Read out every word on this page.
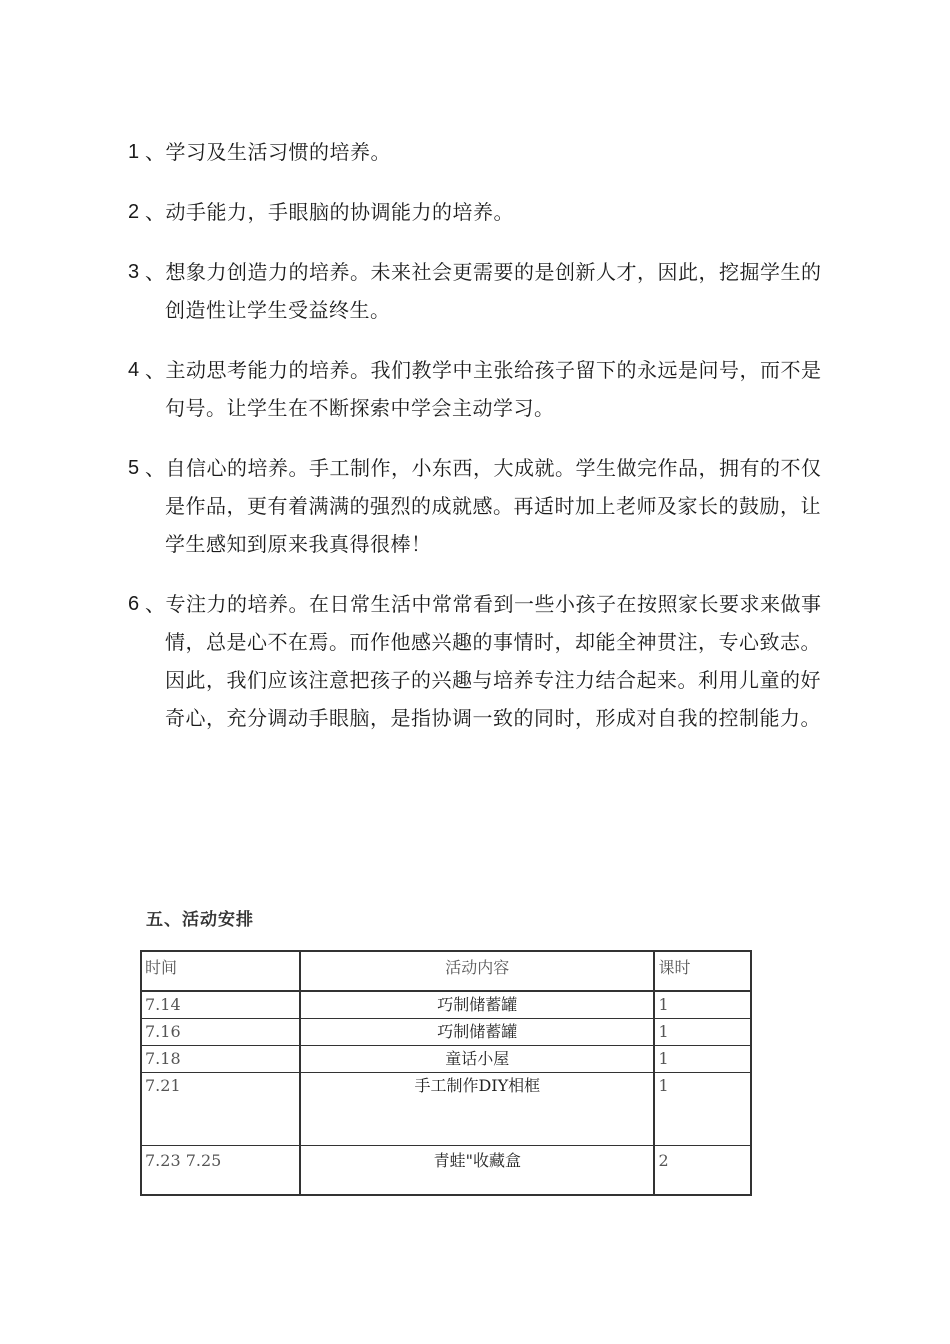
1 、学习及生活习惯的培养。
2 、动手能力，手眼脑的协调能力的培养。
3 、想象力创造力的培养。未来社会更需要的是创新人才，因此，挖掘学生的创造性让学生受益终生。
4 、主动思考能力的培养。我们教学中主张给孩子留下的永远是问号，而不是句号。让学生在不断探索中学会主动学习。
5 、自信心的培养。手工制作，小东西，大成就。学生做完作品，拥有的不仅是作品，更有着满满的强烈的成就感。再适时加上老师及家长的鼓励，让学生感知到原来我真得很棒！
6 、专注力的培养。在日常生活中常常看到一些小孩子在按照家长要求来做事情，总是心不在焉。而作他感兴趣的事情时，却能全神贯注，专心致志。因此，我们应该注意把孩子的兴趣与培养专注力结合起来。利用儿童的好奇心，充分调动手眼脑，是指协调一致的同时，形成对自我的控制能力。
五、活动安排
时间	活动内容	课时
7.14	巧制储蓄罐	1
7.16	巧制储蓄罐	1
7.18	童话小屋	1
7.21	手工制作DIY相框	1
7.23 7.25	青蛙"收藏盒	2
